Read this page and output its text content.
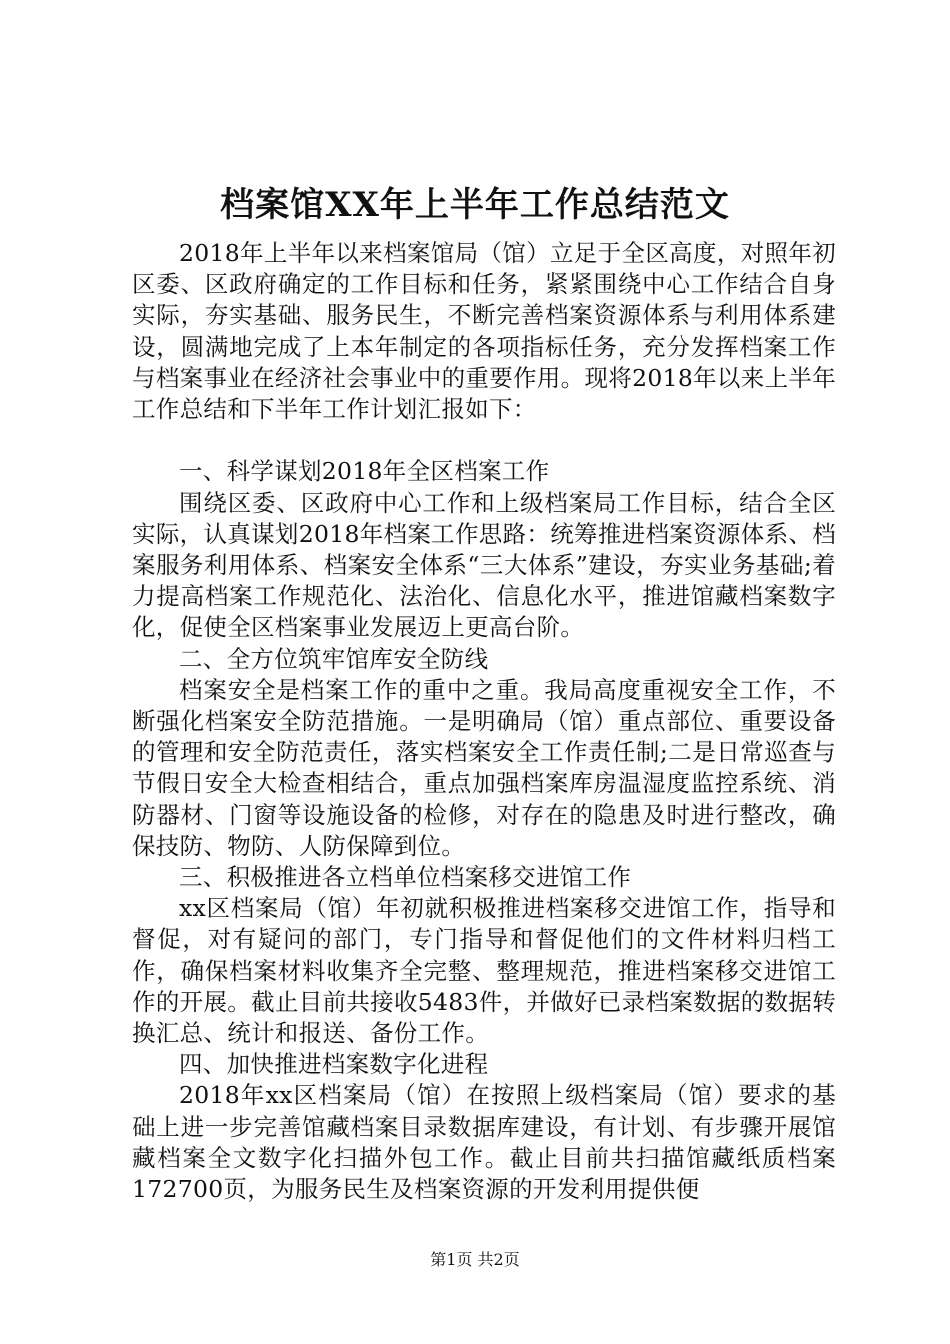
档案馆XX年上半年工作总结范文

2018年上半年以来档案馆局（馆）立足于全区高度，对照年初区委、区政府确定的工作目标和任务，紧紧围绕中心工作结合自身实际，夯实基础、服务民生，不断完善档案资源体系与利用体系建设，圆满地完成了上本年制定的各项指标任务，充分发挥档案工作与档案事业在经济社会事业中的重要作用。现将2018年以来上半年工作总结和下半年工作计划汇报如下：

一、科学谋划2018年全区档案工作

围绕区委、区政府中心工作和上级档案局工作目标，结合全区实际，认真谋划2018年档案工作思路：统筹推进档案资源体系、档案服务利用体系、档案安全体系“三大体系”建设，夯实业务基础;着力提高档案工作规范化、法治化、信息化水平，推进馆藏档案数字化，促使全区档案事业发展迈上更高台阶。

二、全方位筑牢馆库安全防线

档案安全是档案工作的重中之重。我局高度重视安全工作，不断强化档案安全防范措施。一是明确局（馆）重点部位、重要设备的管理和安全防范责任，落实档案安全工作责任制;二是日常巡查与节假日安全大检查相结合，重点加强档案库房温湿度监控系统、消防器材、门窗等设施设备的检修，对存在的隐患及时进行整改，确保技防、物防、人防保障到位。

三、积极推进各立档单位档案移交进馆工作

xx区档案局（馆）年初就积极推进档案移交进馆工作，指导和督促，对有疑问的部门，专门指导和督促他们的文件材料归档工作，确保档案材料收集齐全完整、整理规范，推进档案移交进馆工作的开展。截止目前共接收5483件，并做好已录档案数据的数据转换汇总、统计和报送、备份工作。

四、加快推进档案数字化进程

2018年xx区档案局（馆）在按照上级档案局（馆）要求的基础上进一步完善馆藏档案目录数据库建设，有计划、有步骤开展馆藏档案全文数字化扫描外包工作。截止目前共扫描馆藏纸质档案172700页，为服务民生及档案资源的开发利用提供便

第1页 共2页
